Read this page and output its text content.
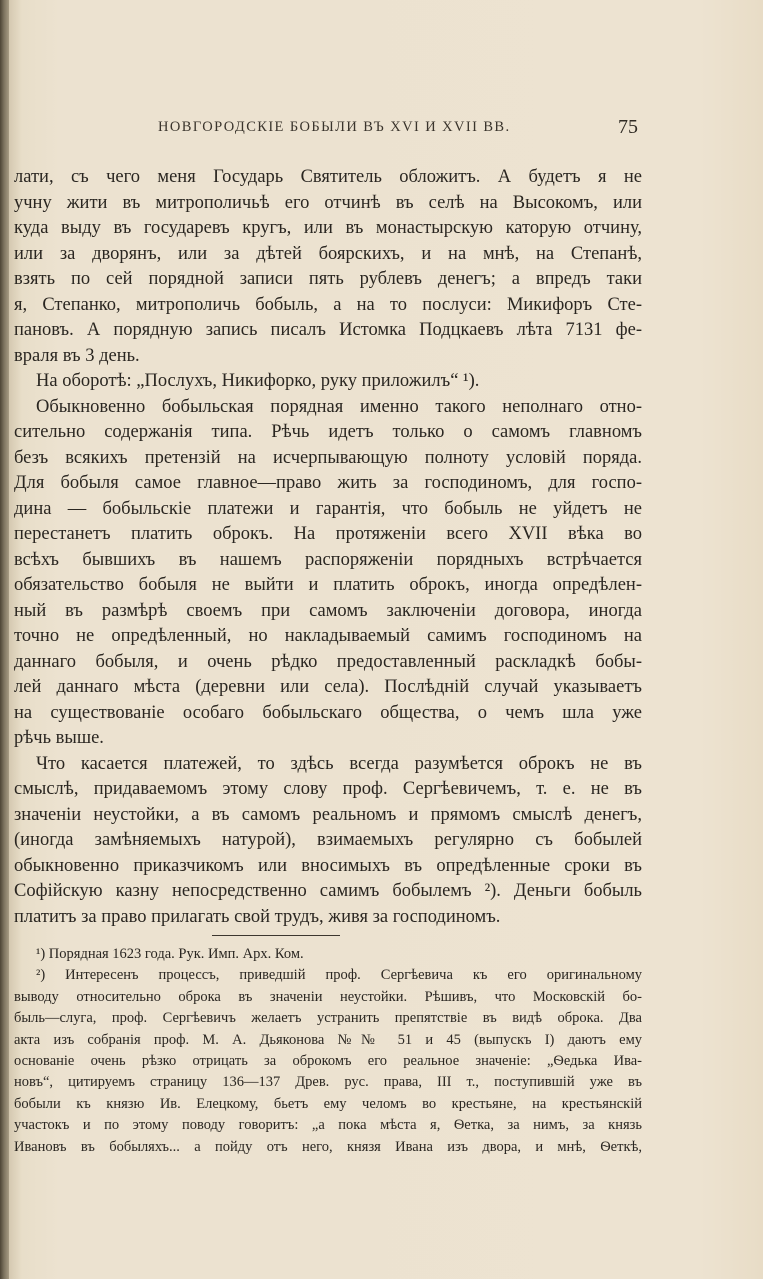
НОВГОРОДСКІЕ БОБЫЛИ ВЪ XVI И XVII ВВ.	75
лати, съ чего меня Государь Святитель обложитъ. А будетъ я не
учну жити въ митрополичьѣ его отчинѣ въ селѣ на Высокомъ, или
куда выду въ государевъ кругъ, или въ монастырскую каторую отчину,
или за дворянъ, или за дѣтей боярскихъ, и на мнѣ, на Степанѣ,
взять по сей порядной записи пять рублевъ денегъ; а впредъ таки
я, Степанко, митрополичь бобыль, а на то послуси: Микифоръ Сте-
пановъ. А порядную запись писалъ Истомка Подцкаевъ лѣта 7131 фе-
враля въ 3 день.
На оборотѣ: „Послухъ, Никифорко, руку приложилъ“ ¹).
Обыкновенно бобыльская порядная именно такого неполнаго отно-
сительно содержанія типа. Рѣчь идетъ только о самомъ главномъ
безъ всякихъ претензій на исчерпывающую полноту условій поряда.
Для бобыля самое главное—право жить за господиномъ, для госпо-
дина — бобыльскіе платежи и гарантія, что бобыль не уйдетъ не
перестанетъ платить оброкъ. На протяженіи всего XVII вѣка во
всѣхъ бывшихъ въ нашемъ распоряженіи порядныхъ встрѣчается
обязательство бобыля не выйти и платить оброкъ, иногда опредѣлен-
ный въ размѣрѣ своемъ при самомъ заключеніи договора, иногда
точно не опредѣленный, но накладываемый самимъ господиномъ на
даннаго бобыля, и очень рѣдко предоставленный раскладкѣ бобы-
лей даннаго мѣста (деревни или села). Послѣдній случай указываетъ
на существованіе особаго бобыльскаго общества, о чемъ шла уже
рѣчь выше.
Что касается платежей, то здѣсь всегда разумѣется оброкъ не въ
смыслѣ, придаваемомъ этому слову проф. Сергѣевичемъ, т. е. не въ
значеніи неустойки, а въ самомъ реальномъ и прямомъ смыслѣ денегъ,
(иногда замѣняемыхъ натурой), взимаемыхъ регулярно съ бобылей
обыкновенно приказчикомъ или вносимыхъ въ опредѣленные сроки въ
Софійскую казну непосредственно самимъ бобылемъ ²). Деньги бобыль
платитъ за право прилагать свой трудъ, живя за господиномъ.
¹) Порядная 1623 года. Рук. Имп. Арх. Ком.
²) Интересенъ процессъ, приведшій проф. Сергѣевича къ его оригинальному
выводу относительно оброка въ значеніи неустойки. Рѣшивъ, что Московскій бо-
быль—слуга, проф. Сергѣевичъ желаетъ устранить препятствіе въ видѣ оброка. Два
акта изъ собранія проф. М. А. Дьяконова №№ 51 и 45 (выпускъ I) даютъ ему
основаніе очень рѣзко отрицать за оброкомъ его реальное значеніе: „Ѳедька Ива-
новъ“, цитируемъ страницу 136—137 Древ. рус. права, III т., поступившій уже въ
бобыли къ князю Ив. Елецкому, бьетъ ему челомъ во крестьяне, на крестьянскій
участокъ и по этому поводу говоритъ: „а пока мѣста я, Ѳетка, за нимъ, за князь
Ивановъ въ бобыляхъ... а пойду отъ него, князя Ивана изъ двора, и мнѣ, Ѳеткѣ,
